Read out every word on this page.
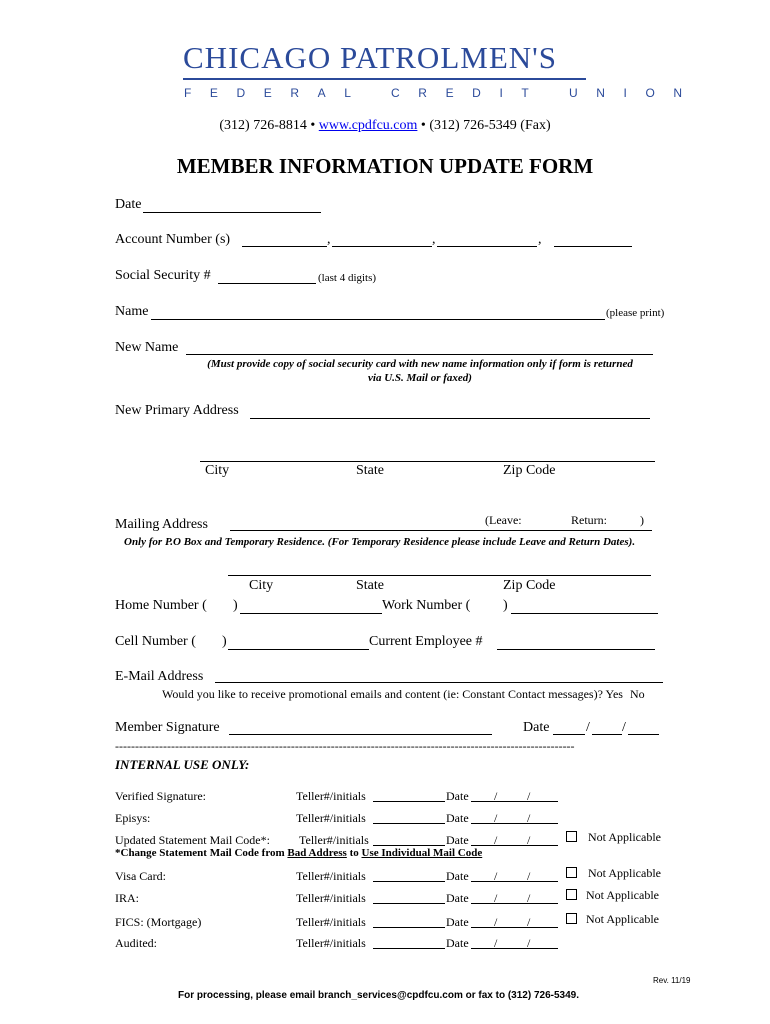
CHICAGO PATROLMEN'S
FEDERAL CREDIT UNION
(312) 726-8814 • www.cpdfcu.com • (312) 726-5349 (Fax)
MEMBER INFORMATION UPDATE FORM
Date
Account Number (s)	,	,	,
Social Security #	(last 4 digits)
Name	(please print)
New Name
(Must provide copy of social security card with new name information only if form is returned
via U.S. Mail or faxed)
New Primary Address
City	State	Zip Code
(Leave:	Return:	)
Mailing Address
Only for P.O Box and Temporary Residence. (For Temporary Residence please include Leave and Return Dates).
City	State	Zip Code
Home Number ( )	Work Number ( )
Cell Number ( )	Current Employee #
E-Mail Address
Would you like to receive promotional emails and content (ie: Constant Contact messages)? Yes No
Member Signature	Date	/ /
-------------------------------------------------------------------------------------------------------------------
INTERNAL USE ONLY:
Verified Signature:	Teller#/initials	Date / /
Episys:	Teller#/initials	Date / /
Updated Statement Mail Code*: Teller#/initials	Date / /	Not Applicable
*Change Statement Mail Code from Bad Address to Use Individual Mail Code
Visa Card:	Teller#/initials	Date / /	Not Applicable
IRA:	Teller#/initials	Date / /	Not Applicable
FICS: (Mortgage)	Teller#/initials	Date / /	Not Applicable
Audited:	Teller#/initials	Date / /
Rev. 11/19
For processing, please email branch_services@cpdfcu.com or fax to (312) 726-5349.
